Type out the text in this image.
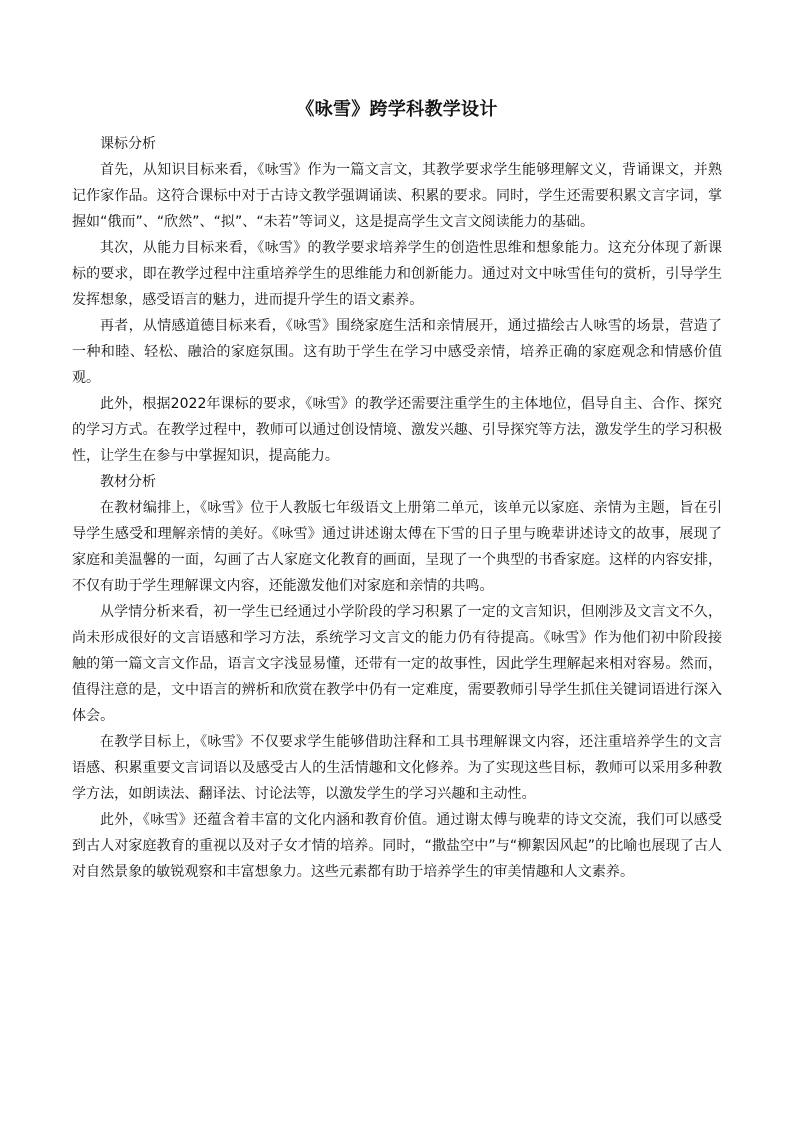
《咏雪》跨学科教学设计

课标分析

首先，从知识目标来看，《咏雪》作为一篇文言文，其教学要求学生能够理解文义，背诵课文，并熟记作家作品。这符合课标中对于古诗文教学强调诵读、积累的要求。同时，学生还需要积累文言字词，掌握如“俄而”、“欣然”、“拟”、“未若”等词义，这是提高学生文言文阅读能力的基础。

其次，从能力目标来看，《咏雪》的教学要求培养学生的创造性思维和想象能力。这充分体现了新课标的要求，即在教学过程中注重培养学生的思维能力和创新能力。通过对文中咏雪佳句的赏析，引导学生发挥想象，感受语言的魅力，进而提升学生的语文素养。

再者，从情感道德目标来看，《咏雪》围绕家庭生活和亲情展开，通过描绘古人咏雪的场景，营造了一种和睦、轻松、融洽的家庭氛围。这有助于学生在学习中感受亲情，培养正确的家庭观念和情感价值观。

此外，根据2022年课标的要求，《咏雪》的教学还需要注重学生的主体地位，倡导自主、合作、探究的学习方式。在教学过程中，教师可以通过创设情境、激发兴趣、引导探究等方法，激发学生的学习积极性，让学生在参与中掌握知识，提高能力。

教材分析

在教材编排上，《咏雪》位于人教版七年级语文上册第二单元，该单元以家庭、亲情为主题，旨在引导学生感受和理解亲情的美好。《咏雪》通过讲述谢太傅在下雪的日子里与晚辈讲述诗文的故事，展现了家庭和美温馨的一面，勾画了古人家庭文化教育的画面，呈现了一个典型的书香家庭。这样的内容安排，不仅有助于学生理解课文内容，还能激发他们对家庭和亲情的共鸣。

从学情分析来看，初一学生已经通过小学阶段的学习积累了一定的文言知识，但刚涉及文言文不久，尚未形成很好的文言语感和学习方法，系统学习文言文的能力仍有待提高。《咏雪》作为他们初中阶段接触的第一篇文言文作品，语言文字浅显易懂，还带有一定的故事性，因此学生理解起来相对容易。然而，值得注意的是，文中语言的辨析和欣赏在教学中仍有一定难度，需要教师引导学生抓住关键词语进行深入体会。

在教学目标上，《咏雪》不仅要求学生能够借助注释和工具书理解课文内容，还注重培养学生的文言语感、积累重要文言词语以及感受古人的生活情趣和文化修养。为了实现这些目标，教师可以采用多种教学方法，如朗读法、翻译法、讨论法等，以激发学生的学习兴趣和主动性。

此外，《咏雪》还蕴含着丰富的文化内涵和教育价值。通过谢太傅与晚辈的诗文交流，我们可以感受到古人对家庭教育的重视以及对子女才情的培养。同时，“撒盐空中”与“柳絮因风起”的比喻也展现了古人对自然景象的敏锐观察和丰富想象力。这些元素都有助于培养学生的审美情趣和人文素养。
